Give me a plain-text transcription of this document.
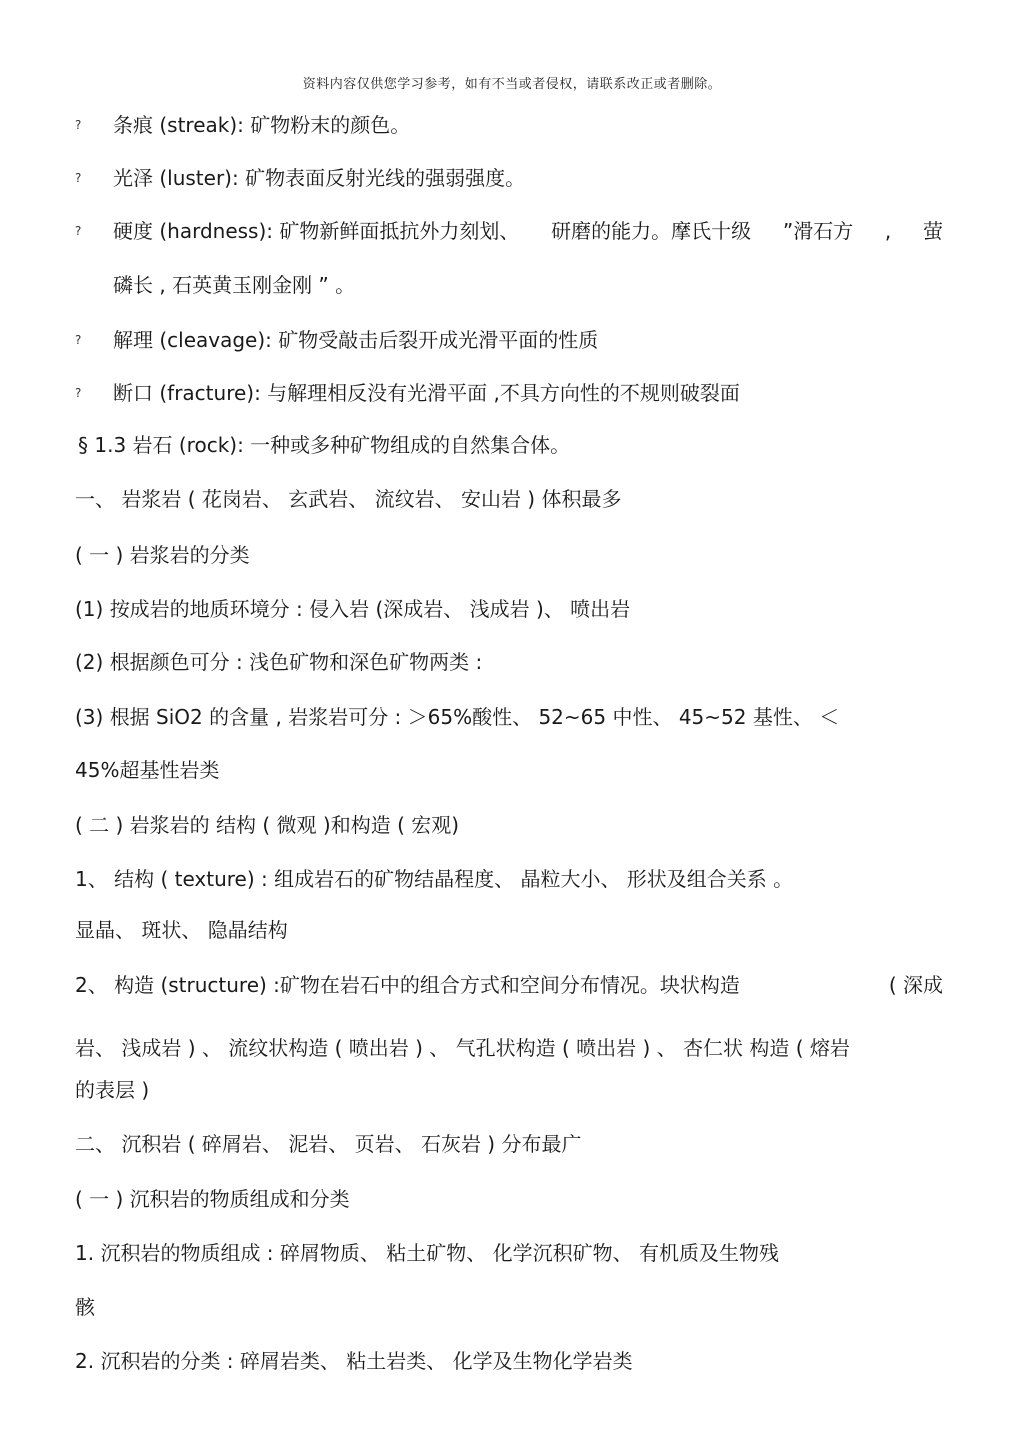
资料内容仅供您学习参考，如有不当或者侵权，请联系改正或者删除。
? 条痕 (streak): 矿物粉末的颜色。
? 光泽 (luster): 矿物表面反射光线的强弱强度。
? 硬度 (hardness): 矿物新鲜面抵抗外力刻划、 研磨的能力。摩氏十级 ”滑石方 , 萤
磷长 , 石英黄玉刚金刚 ” 。
? 解理 (cleavage): 矿物受敲击后裂开成光滑平面的性质
? 断口 (fracture): 与解理相反没有光滑平面 ,不具方向性的不规则破裂面
§ 1.3 岩石 (rock): 一种或多种矿物组成的自然集合体。
一、 岩浆岩 ( 花岗岩、 玄武岩、 流纹岩、 安山岩 ) 体积最多
( 一 ) 岩浆岩的分类
(1) 按成岩的地质环境分 : 侵入岩 (深成岩、 浅成岩 )、 喷出岩
(2) 根据颜色可分 : 浅色矿物和深色矿物两类 :
(3) 根据 SiO2 的含量 , 岩浆岩可分 : ＞65%酸性、 52~65 中性、 45~52 基性、 ＜
45%超基性岩类
( 二 ) 岩浆岩的 结构 ( 微观 )和构造 ( 宏观)
1、 结构 ( texture) : 组成岩石的矿物结晶程度、 晶粒大小、 形状及组合关系 。
显晶、 斑状、 隐晶结构
2、 构造 (structure) :矿物在岩石中的组合方式和空间分布情况。块状构造	( 深成
岩、 浅成岩 ) 、 流纹状构造 ( 喷出岩 ) 、 气孔状构造 ( 喷出岩 ) 、 杏仁状 构造 ( 熔岩
的表层 )
二、 沉积岩 ( 碎屑岩、 泥岩、 页岩、 石灰岩 ) 分布最广
( 一 ) 沉积岩的物质组成和分类
1. 沉积岩的物质组成 : 碎屑物质、 粘土矿物、 化学沉积矿物、 有机质及生物残
骸
2. 沉积岩的分类 : 碎屑岩类、 粘土岩类、 化学及生物化学岩类
